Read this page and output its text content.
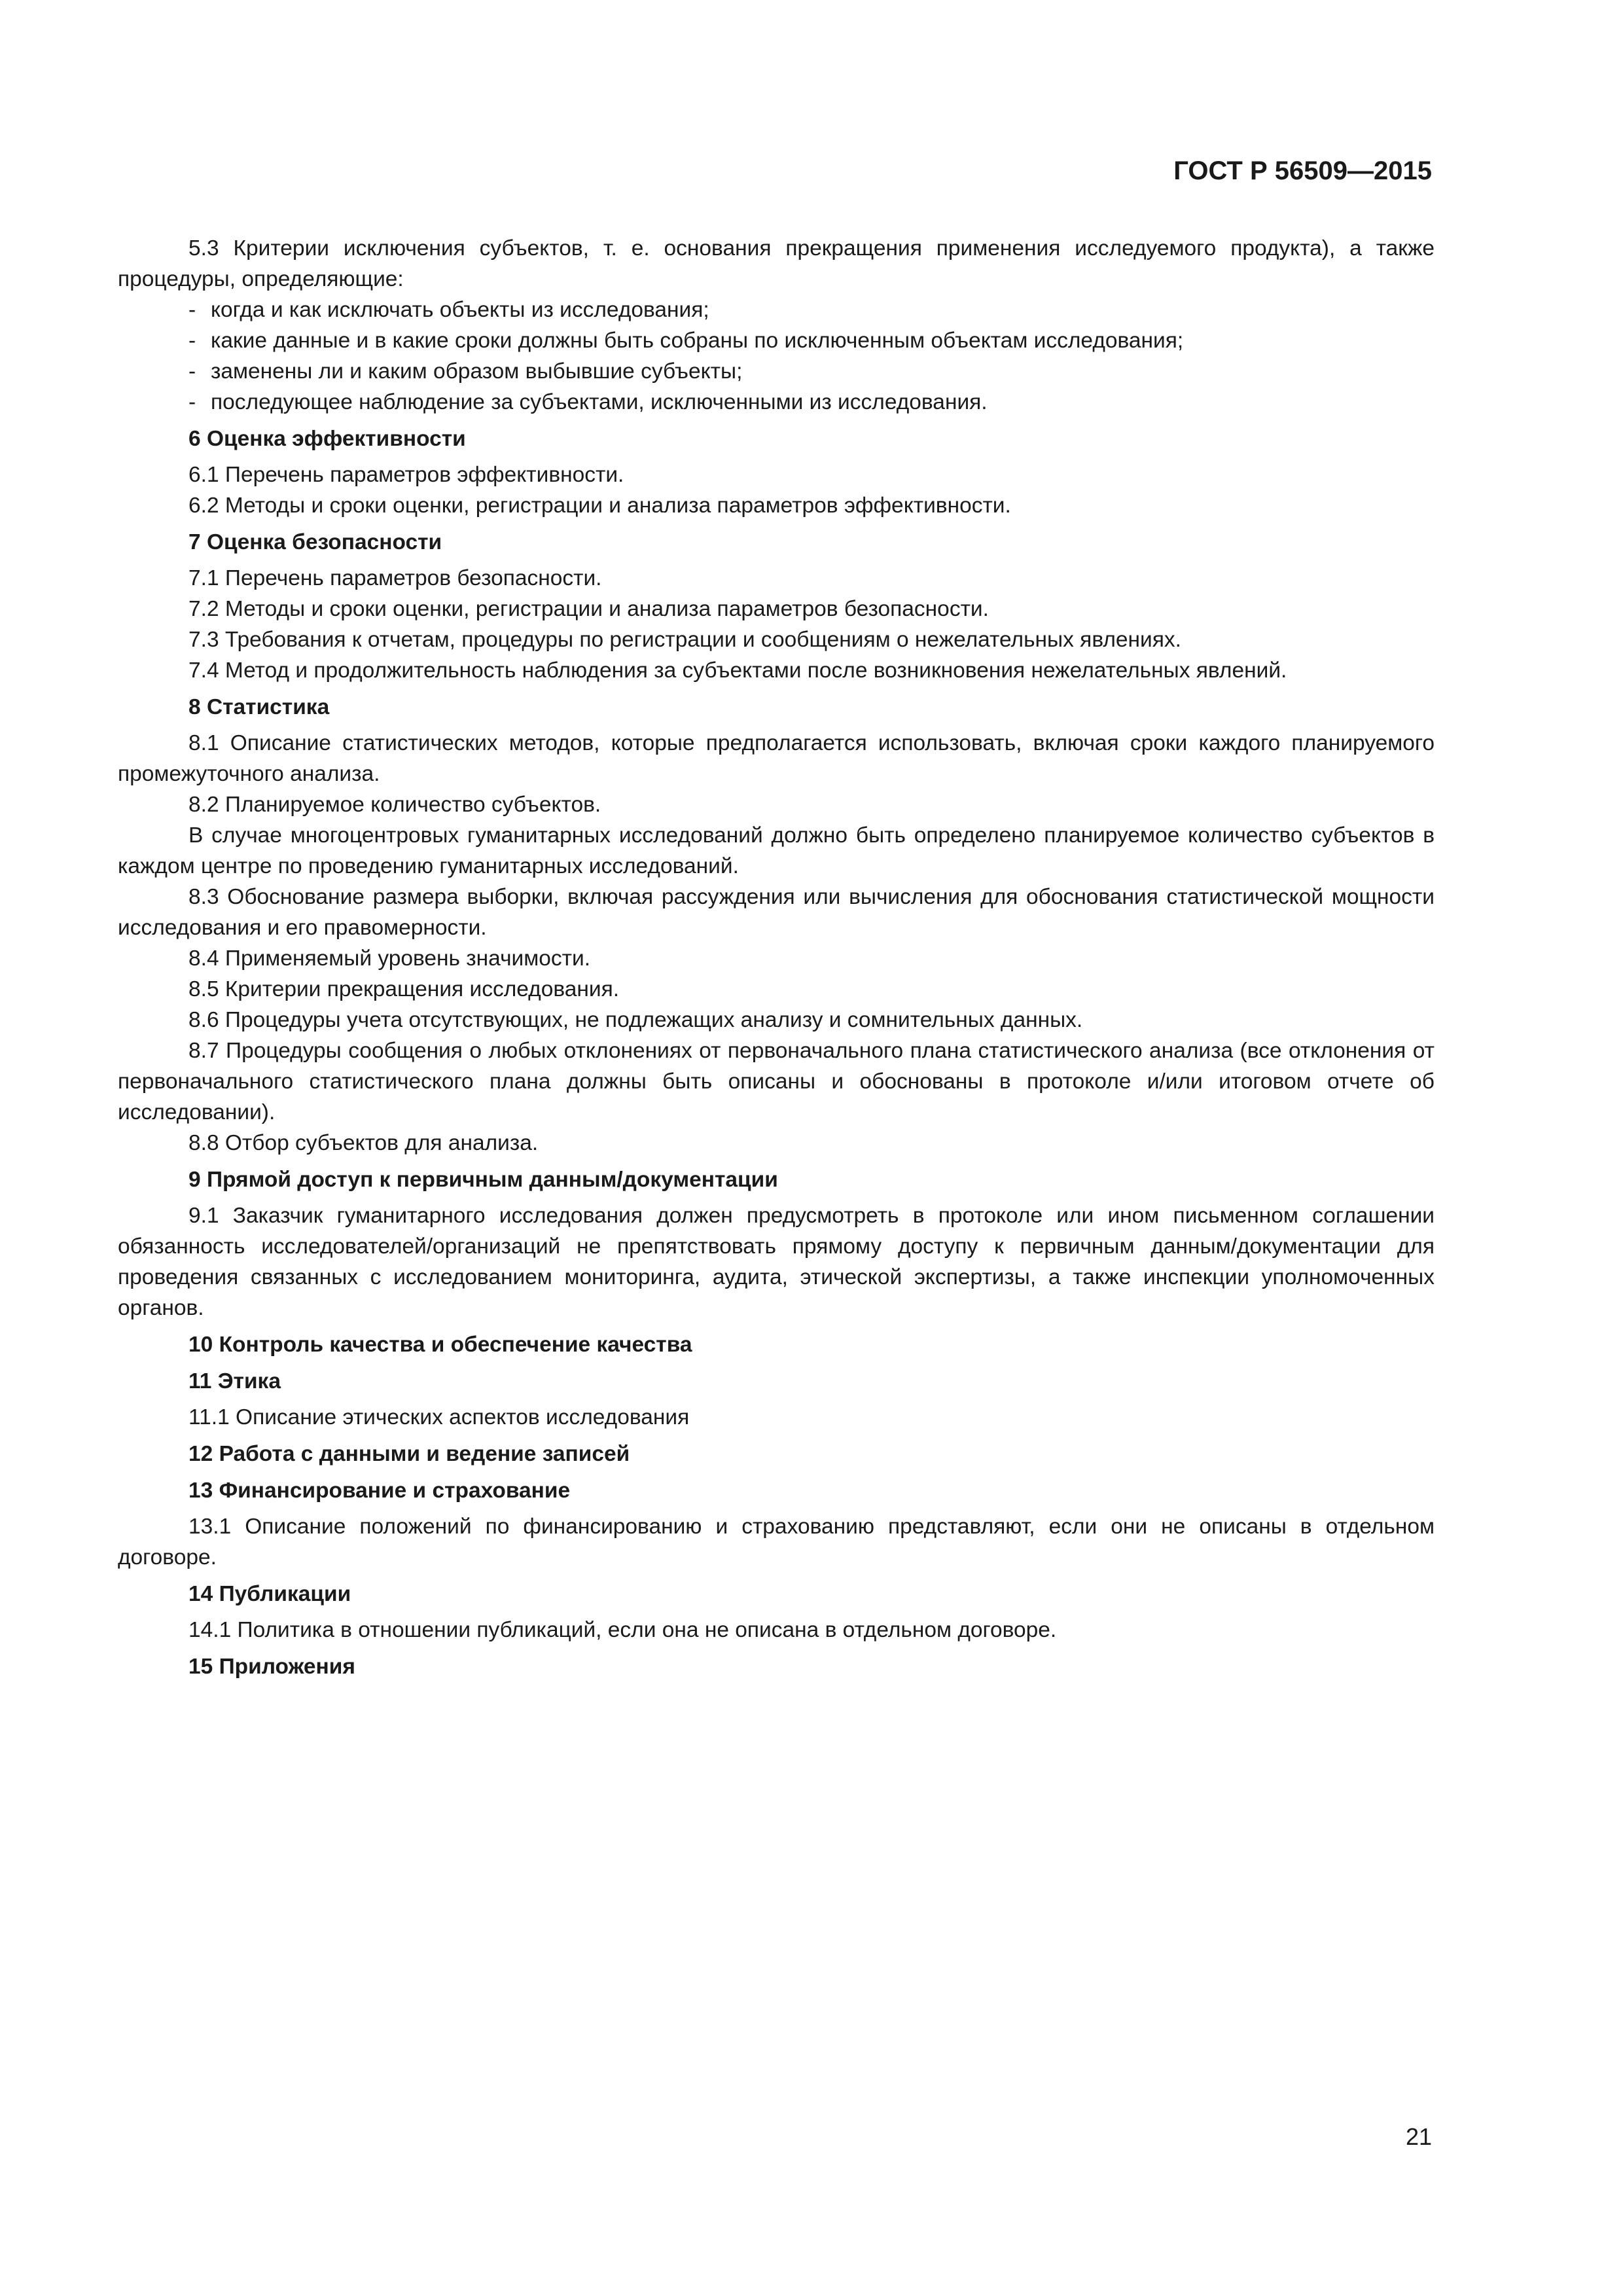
ГОСТ Р 56509—2015

5.3 Критерии исключения субъектов, т. е. основания прекращения применения исследуемого продукта), а также процедуры, определяющие:

- когда и как исключать объекты из исследования;
- какие данные и в какие сроки должны быть собраны по исключенным объектам исследования;
- заменены ли и каким образом выбывшие субъекты;
- последующее наблюдение за субъектами, исключенными из исследования.
6 Оценка эффективности

6.1 Перечень параметров эффективности.

6.2 Методы и сроки оценки, регистрации и анализа параметров эффективности.

7 Оценка безопасности

7.1 Перечень параметров безопасности.

7.2 Методы и сроки оценки, регистрации и анализа параметров безопасности.

7.3 Требования к отчетам, процедуры по регистрации и сообщениям о нежелательных явлениях.

7.4 Метод и продолжительность наблюдения за субъектами после возникновения нежелательных явлений.

8 Статистика

8.1 Описание статистических методов, которые предполагается использовать, включая сроки каждого планируемого промежуточного анализа.

8.2 Планируемое количество субъектов.

В случае многоцентровых гуманитарных исследований должно быть определено планируемое количество субъектов в каждом центре по проведению гуманитарных исследований.

8.3 Обоснование размера выборки, включая рассуждения или вычисления для обоснования статистической мощности исследования и его правомерности.

8.4 Применяемый уровень значимости.

8.5 Критерии прекращения исследования.

8.6 Процедуры учета отсутствующих, не подлежащих анализу и сомнительных данных.

8.7 Процедуры сообщения о любых отклонениях от первоначального плана статистического анализа (все отклонения от первоначального статистического плана должны быть описаны и обоснованы в протоколе и/или итоговом отчете об исследовании).

8.8 Отбор субъектов для анализа.

9 Прямой доступ к первичным данным/документации

9.1 Заказчик гуманитарного исследования должен предусмотреть в протоколе или ином письменном соглашении обязанность исследователей/организаций не препятствовать прямому доступу к первичным данным/документации для проведения связанных с исследованием мониторинга, аудита, этической экспертизы, а также инспекции уполномоченных органов.

10 Контроль качества и обеспечение качества
11 Этика

11.1 Описание этических аспектов исследования

12 Работа с данными и ведение записей
13 Финансирование и страхование

13.1 Описание положений по финансированию и страхованию представляют, если они не описаны в отдельном договоре.

14 Публикации

14.1 Политика в отношении публикаций, если она не описана в отдельном договоре.

15 Приложения
21
